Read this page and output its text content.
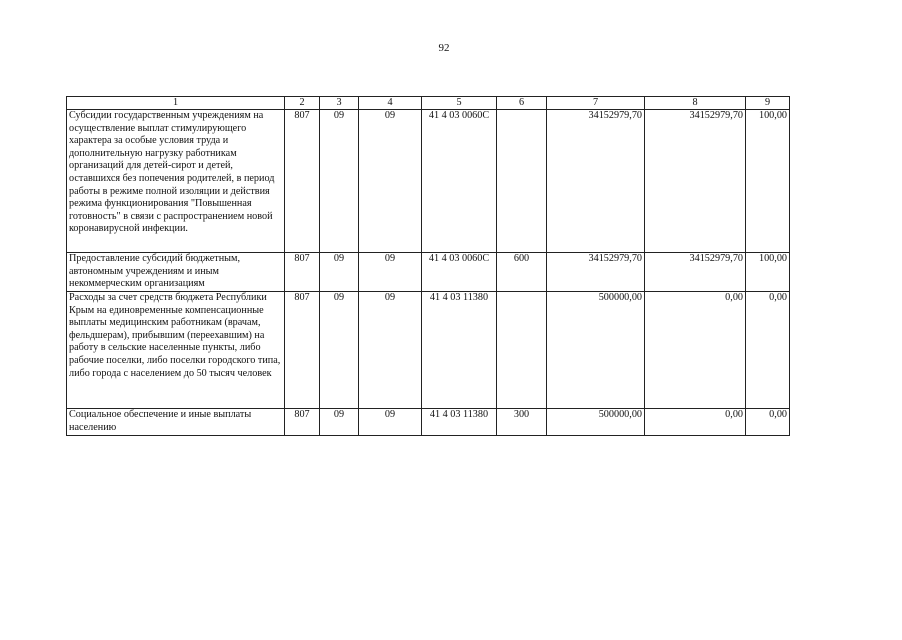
92
1	2	3	4	5	6	7	8	9
Субсидии государственным учреждениям на осуществление выплат стимулирующего характера за особые условия труда и дополнительную нагрузку работникам организаций для детей-сирот и детей, оставшихся без попечения родителей, в период работы в режиме полной изоляции и действия режима функционирования "Повышенная готовность" в связи с распространением новой коронавирусной инфекции.	807	09	09	41 4 03 0060C		34152979,70	34152979,70	100,00
Предоставление субсидий бюджетным, автономным учреждениям и иным некоммерческим организациям	807	09	09	41 4 03 0060C	600	34152979,70	34152979,70	100,00
Расходы за счет средств бюджета Республики Крым на единовременные компенсационные выплаты медицинским работникам (врачам, фельдшерам), прибывшим (переехавшим) на работу в сельские населенные пункты, либо рабочие поселки, либо поселки городского типа, либо города с населением до 50 тысяч человек	807	09	09	41 4 03 11380		500000,00	0,00	0,00
Социальное обеспечение и иные выплаты населению	807	09	09	41 4 03 11380	300	500000,00	0,00	0,00
